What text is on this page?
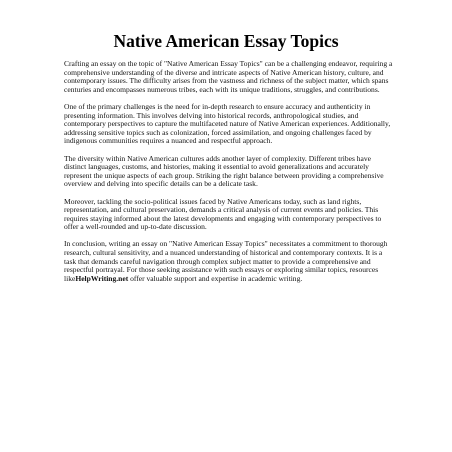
Native American Essay Topics

Crafting an essay on the topic of "Native American Essay Topics" can be a challenging endeavor, requiring a comprehensive understanding of the diverse and intricate aspects of Native American history, culture, and contemporary issues. The difficulty arises from the vastness and richness of the subject matter, which spans centuries and encompasses numerous tribes, each with its unique traditions, struggles, and contributions.

One of the primary challenges is the need for in-depth research to ensure accuracy and authenticity in presenting information. This involves delving into historical records, anthropological studies, and contemporary perspectives to capture the multifaceted nature of Native American experiences. Additionally, addressing sensitive topics such as colonization, forced assimilation, and ongoing challenges faced by indigenous communities requires a nuanced and respectful approach.

The diversity within Native American cultures adds another layer of complexity. Different tribes have distinct languages, customs, and histories, making it essential to avoid generalizations and accurately represent the unique aspects of each group. Striking the right balance between providing a comprehensive overview and delving into specific details can be a delicate task.

Moreover, tackling the socio-political issues faced by Native Americans today, such as land rights, representation, and cultural preservation, demands a critical analysis of current events and policies. This requires staying informed about the latest developments and engaging with contemporary perspectives to offer a well-rounded and up-to-date discussion.

In conclusion, writing an essay on "Native American Essay Topics" necessitates a commitment to thorough research, cultural sensitivity, and a nuanced understanding of historical and contemporary contexts. It is a task that demands careful navigation through complex subject matter to provide a comprehensive and respectful portrayal. For those seeking assistance with such essays or exploring similar topics, resources likeHelpWriting.net offer valuable support and expertise in academic writing.
